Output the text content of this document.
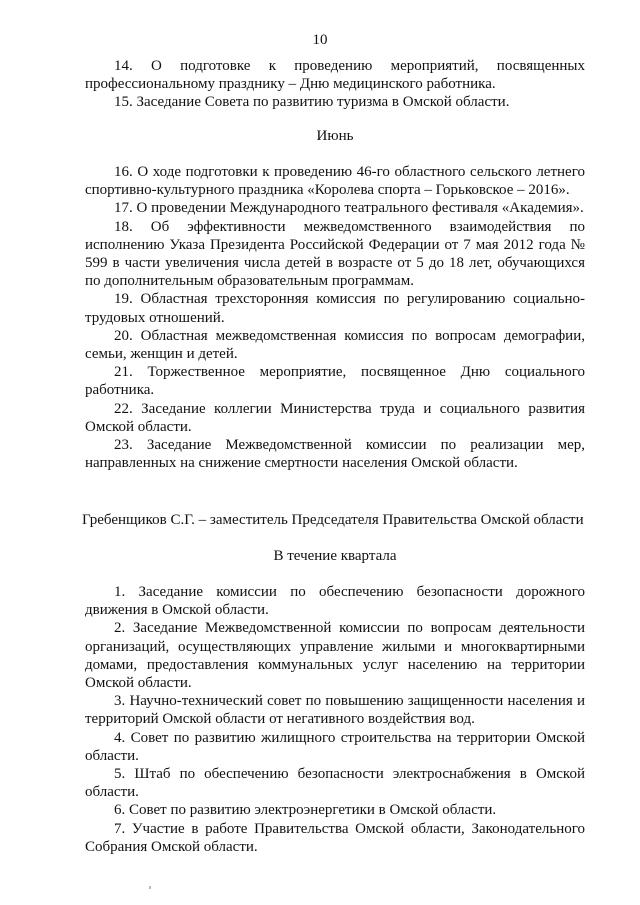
10

14. О подготовке к проведению мероприятий, посвященных профессиональному празднику – Дню медицинского работника.

15. Заседание Совета по развитию туризма в Омской области.

Июнь

16. О ходе подготовки к проведению 46-го областного сельского летнего спортивно-культурного праздника «Королева спорта – Горьковское – 2016».

17. О проведении Международного театрального фестиваля «Академия».

18. Об эффективности межведомственного взаимодействия по исполнению Указа Президента Российской Федерации от 7 мая 2012 года № 599 в части увеличения числа детей в возрасте от 5 до 18 лет, обучающихся по дополнительным образовательным программам.

19. Областная трехсторонняя комиссия по регулированию социально-трудовых отношений.

20. Областная межведомственная комиссия по вопросам демографии, семьи, женщин и детей.

21. Торжественное мероприятие, посвященное Дню социального работника.

22. Заседание коллегии Министерства труда и социального развития Омской области.

23. Заседание Межведомственной комиссии по реализации мер, направленных на снижение смертности населения Омской области.

Гребенщиков С.Г. – заместитель Председателя Правительства Омской области

В течение квартала

1. Заседание комиссии по обеспечению безопасности дорожного движения в Омской области.

2. Заседание Межведомственной комиссии по вопросам деятельности организаций, осуществляющих управление жилыми и многоквартирными домами, предоставления коммунальных услуг населению на территории Омской области.

3. Научно-технический совет по повышению защищенности населения и территорий Омской области от негативного воздействия вод.

4. Совет по развитию жилищного строительства на территории Омской области.

5. Штаб по обеспечению безопасности электроснабжения в Омской области.

6. Совет по развитию электроэнергетики в Омской области.

7. Участие в работе Правительства Омской области, Законодательного Собрания Омской области.
